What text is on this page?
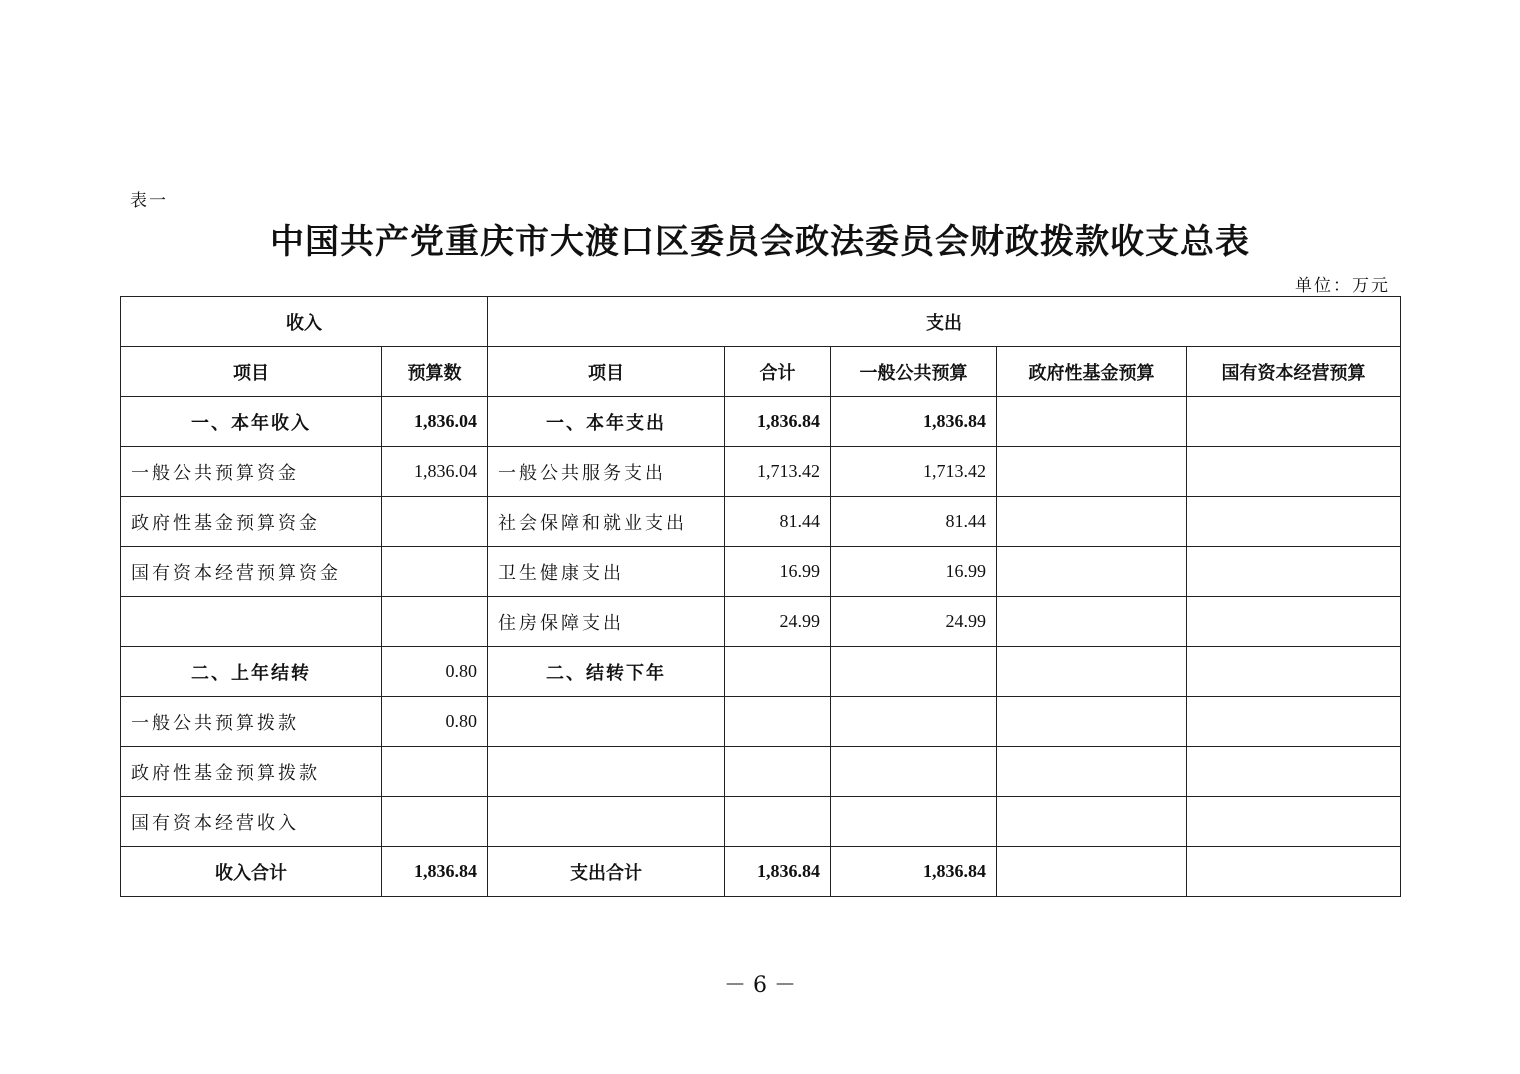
表一
中国共产党重庆市大渡口区委员会政法委员会财政拨款收支总表
单位：万元
收入		支出				
项目	预算数	项目	合计	一般公共预算	政府性基金预算	国有资本经营预算
一、本年收入	1,836.04	一、本年支出	1,836.84	1,836.84		
一般公共预算资金	1,836.04	一般公共服务支出	1,713.42	1,713.42		
政府性基金预算资金		社会保障和就业支出	81.44	81.44		
国有资本经营预算资金		卫生健康支出	16.99	16.99		
		住房保障支出	24.99	24.99		
二、上年结转	0.80	二、结转下年				
一般公共预算拨款	0.80					
政府性基金预算拨款						
国有资本经营收入						
收入合计	1,836.84	支出合计	1,836.84	1,836.84		
－ 6 －
